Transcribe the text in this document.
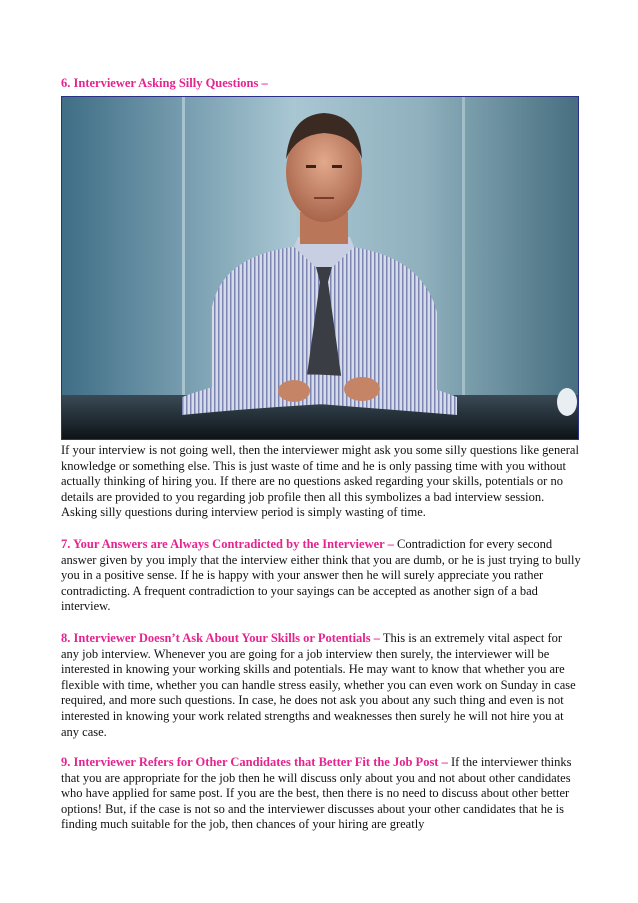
6. Interviewer Asking Silly Questions –

If your interview is not going well, then the interviewer might ask you some silly questions like general knowledge or something else. This is just waste of time and he is only passing time with you without actually thinking of hiring you. If there are no questions asked regarding your skills, potentials or no details are provided to you regarding job profile then all this symbolizes a bad interview session. Asking silly questions during interview period is simply wasting of time.

7. Your Answers are Always Contradicted by the Interviewer – Contradiction for every second answer given by you imply that the interview either think that you are dumb, or he is just trying to bully you in a positive sense. If he is happy with your answer then he will surely appreciate you rather contradicting. A frequent contradiction to your sayings can be accepted as another sign of a bad interview.

8. Interviewer Doesn’t Ask About Your Skills or Potentials – This is an extremely vital aspect for any job interview. Whenever you are going for a job interview then surely, the interviewer will be interested in knowing your working skills and potentials. He may want to know that whether you are flexible with time, whether you can handle stress easily, whether you can even work on Sunday in case required, and more such questions. In case, he does not ask you about any such thing and even is not interested in knowing your work related strengths and weaknesses then surely he will not hire you at any case.

9. Interviewer Refers for Other Candidates that Better Fit the Job Post – If the interviewer thinks that you are appropriate for the job then he will discuss only about you and not about other candidates who have applied for same post. If you are the best, then there is no need to discuss about other better options! But, if the case is not so and the interviewer discusses about your other candidates that he is finding much suitable for the job, then chances of your hiring are greatly
